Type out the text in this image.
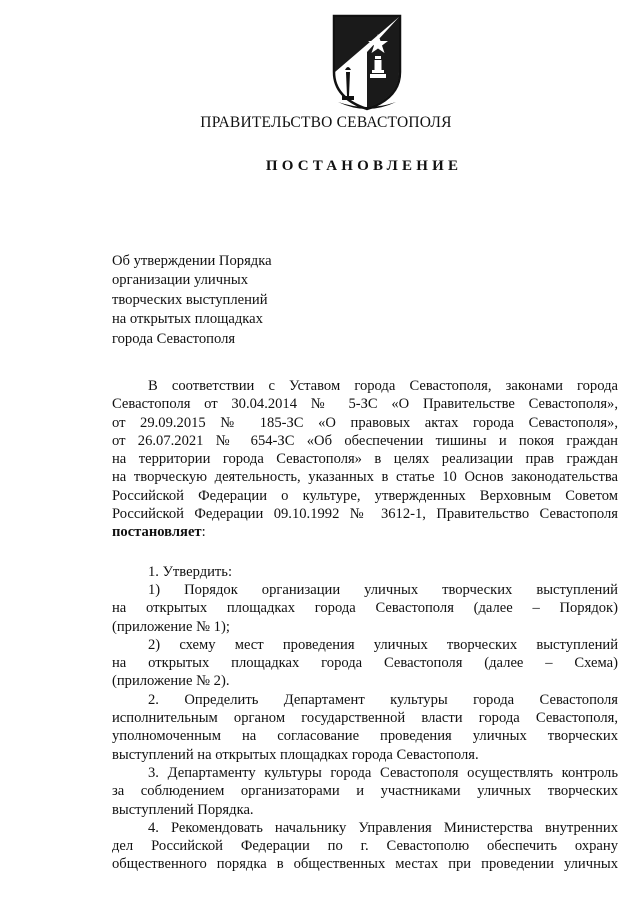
ПРАВИТЕЛЬСТВО СЕВАСТОПОЛЯ
ПОСТАНОВЛЕНИЕ
Об утверждении Порядка
организации уличных
творческих выступлений
на открытых площадках
города Севастополя
В соответствии с Уставом города Севастополя, законами города
Севастополя от 30.04.2014 № 5-ЗС «О Правительстве Севастополя»,
от 29.09.2015 № 185-ЗС «О правовых актах города Севастополя»,
от 26.07.2021 № 654-ЗС «Об обеспечении тишины и покоя граждан
на территории города Севастополя» в целях реализации прав граждан
на творческую деятельность, указанных в статье 10 Основ законодательства
Российской Федерации о культуре, утвержденных Верховным Советом
Российской Федерации 09.10.1992 № 3612-1, Правительство Севастополя
постановляет:
1. Утвердить:
1) Порядок организации уличных творческих выступлений
на открытых площадках города Севастополя (далее – Порядок)
(приложение № 1);
2) схему мест проведения уличных творческих выступлений
на открытых площадках города Севастополя (далее – Схема)
(приложение № 2).
2. Определить Департамент культуры города Севастополя
исполнительным органом государственной власти города Севастополя,
уполномоченным на согласование проведения уличных творческих
выступлений на открытых площадках города Севастополя.
3. Департаменту культуры города Севастополя осуществлять контроль
за соблюдением организаторами и участниками уличных творческих
выступлений Порядка.
4. Рекомендовать начальнику Управления Министерства внутренних
дел Российской Федерации по г. Севастополю обеспечить охрану
общественного порядка в общественных местах при проведении уличных
